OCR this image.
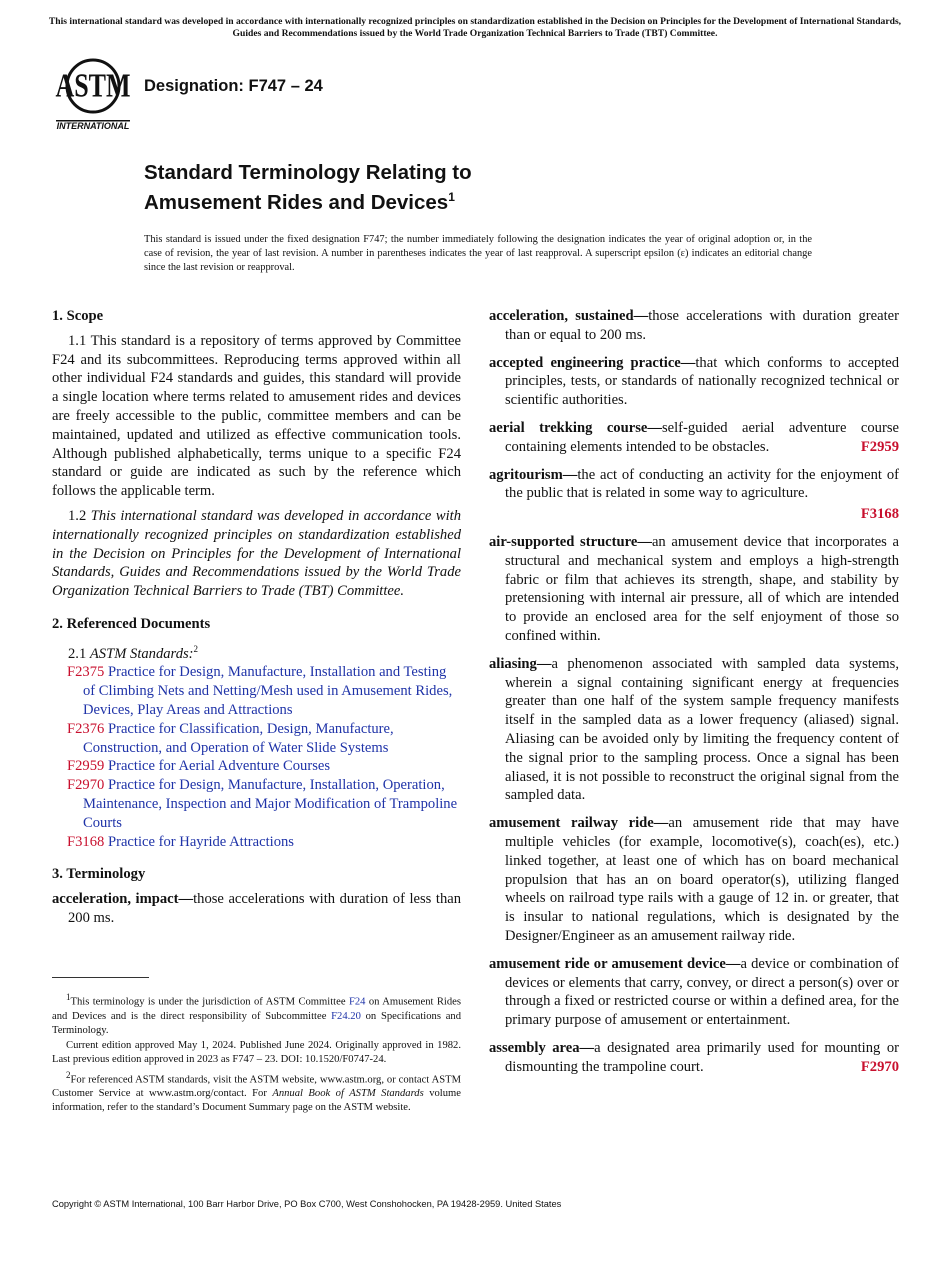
This international standard was developed in accordance with internationally recognized principles on standardization established in the Decision on Principles for the Development of International Standards, Guides and Recommendations issued by the World Trade Organization Technical Barriers to Trade (TBT) Committee.
ASTM
INTERNATIONAL
Designation: F747 – 24
Standard Terminology Relating to
Amusement Rides and Devices$^1$
This standard is issued under the fixed designation F747; the number immediately following the designation indicates the year of original adoption or, in the case of revision, the year of last revision. A number in parentheses indicates the year of last reapproval. A superscript epsilon (ε) indicates an editorial change since the last revision or reapproval.
1. Scope

1.1 This standard is a repository of terms approved by Committee F24 and its subcommittees. Reproducing terms approved within all other individual F24 standards and guides, this standard will provide a single location where terms related to amusement rides and devices are freely accessible to the public, committee members and can be maintained, updated and utilized as effective communication tools. Although published alphabetically, terms unique to a specific F24 standard or guide are indicated as such by the reference which follows the applicable term.

1.2 This international standard was developed in accordance with internationally recognized principles on standardization established in the Decision on Principles for the Development of International Standards, Guides and Recommendations issued by the World Trade Organization Technical Barriers to Trade (TBT) Committee.

2. Referenced Documents
2.1 ASTM Standards:$^2$
F2375 Practice for Design, Manufacture, Installation and Testing of Climbing Nets and Netting/Mesh used in Amusement Rides, Devices, Play Areas and Attractions
F2376 Practice for Classification, Design, Manufacture, Construction, and Operation of Water Slide Systems
F2959 Practice for Aerial Adventure Courses
F2970 Practice for Design, Manufacture, Installation, Operation, Maintenance, Inspection and Major Modification of Trampoline Courts
F3168 Practice for Hayride Attractions
3. Terminology

acceleration, impact—those accelerations with duration of less than 200 ms.

acceleration, sustained—those accelerations with duration greater than or equal to 200 ms.

accepted engineering practice—that which conforms to accepted principles, tests, or standards of nationally recognized technical or scientific authorities.

aerial trekking course—self-guided aerial adventure course containing elements intended to be obstacles.	F2959

agritourism—the act of conducting an activity for the enjoyment of the public that is related in some way to agriculture.

F3168

air-supported structure—an amusement device that incorporates a structural and mechanical system and employs a high-strength fabric or film that achieves its strength, shape, and stability by pretensioning with internal air pressure, all of which are intended to provide an enclosed area for the self enjoyment of those so confined within.

aliasing—a phenomenon associated with sampled data systems, wherein a signal containing significant energy at frequencies greater than one half of the system sample frequency manifests itself in the sampled data as a lower frequency (aliased) signal. Aliasing can be avoided only by limiting the frequency content of the signal prior to the sampling process. Once a signal has been aliased, it is not possible to reconstruct the original signal from the sampled data.

amusement railway ride—an amusement ride that may have multiple vehicles (for example, locomotive(s), coach(es), etc.) linked together, at least one of which has on board mechanical propulsion that has an on board operator(s), utilizing flanged wheels on railroad type rails with a gauge of 12 in. or greater, that is insular to national regulations, which is designated by the Designer/Engineer as an amusement railway ride.

amusement ride or amusement device—a device or combination of devices or elements that carry, convey, or direct a person(s) over or through a fixed or restricted course or within a defined area, for the primary purpose of amusement or entertainment.

assembly area—a designated area primarily used for mounting or dismounting the trampoline court.	F2970

$^1$This terminology is under the jurisdiction of ASTM Committee F24 on Amusement Rides and Devices and is the direct responsibility of Subcommittee F24.20 on Specifications and Terminology.

Current edition approved May 1, 2024. Published June 2024. Originally approved in 1982. Last previous edition approved in 2023 as F747 – 23. DOI: 10.1520/F0747-24.

$^2$For referenced ASTM standards, visit the ASTM website, www.astm.org, or contact ASTM Customer Service at www.astm.org/contact. For Annual Book of ASTM Standards volume information, refer to the standard’s Document Summary page on the ASTM website.

Copyright © ASTM International, 100 Barr Harbor Drive, PO Box C700, West Conshohocken, PA 19428-2959. United States
